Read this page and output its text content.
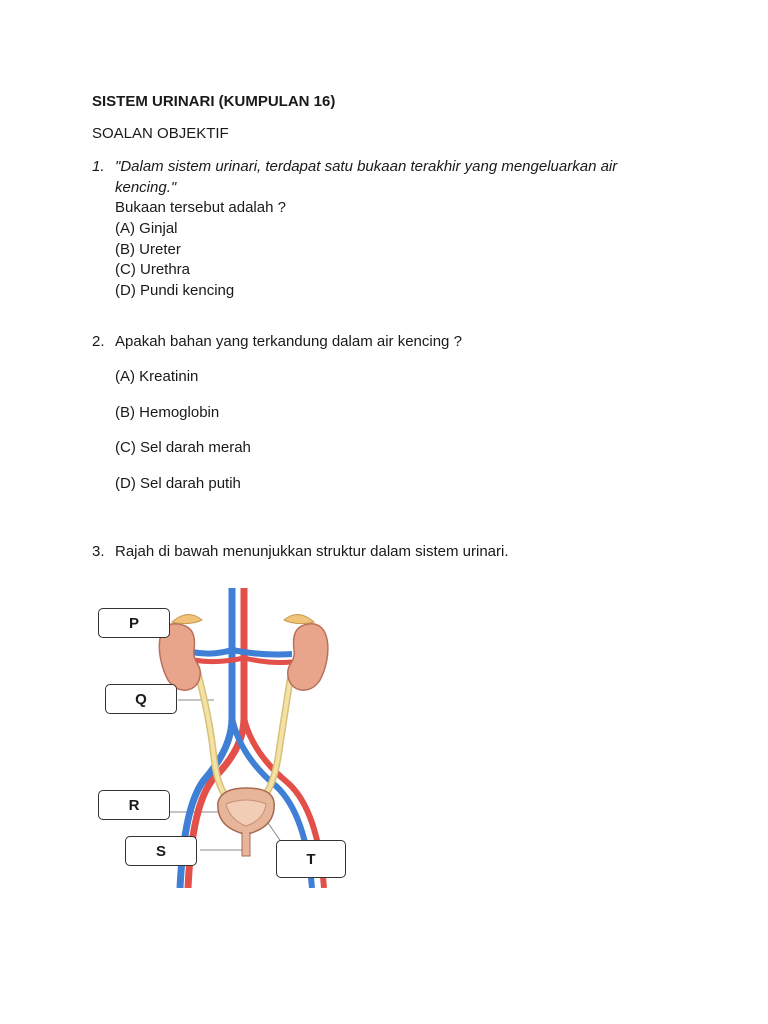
SISTEM URINARI (KUMPULAN 16)
SOALAN OBJEKTIF
1. "Dalam sistem urinari, terdapat satu bukaan terakhir yang mengeluarkan air
kencing."
Bukaan tersebut adalah ?
(A) Ginjal
(B) Ureter
(C) Urethra
(D) Pundi kencing
2. Apakah bahan yang terkandung dalam air kencing ?
(A) Kreatinin
(B) Hemoglobin
(C) Sel darah merah
(D) Sel darah putih
3. Rajah di bawah menunjukkan struktur dalam sistem urinari.
P
Q
R
S	T
